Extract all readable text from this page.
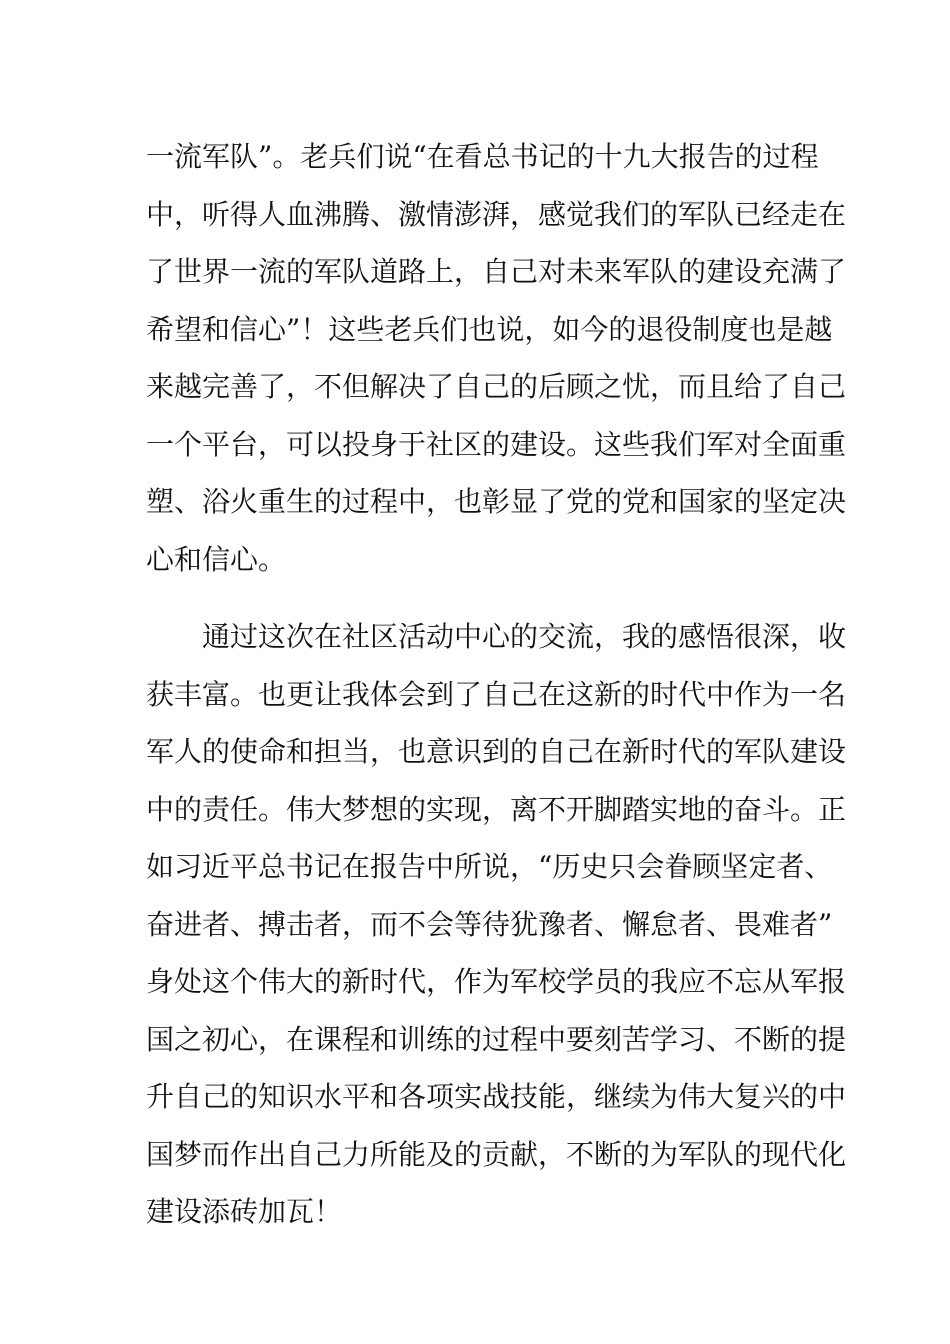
一流军队”。老兵们说“在看总书记的十九大报告的过程
中，听得人血沸腾、激情澎湃，感觉我们的军队已经走在
了世界一流的军队道路上，自己对未来军队的建设充满了
希望和信心”！这些老兵们也说，如今的退役制度也是越
来越完善了，不但解决了自己的后顾之忧，而且给了自己
一个平台，可以投身于社区的建设。这些我们军对全面重
塑、浴火重生的过程中，也彰显了党的党和国家的坚定决
心和信心。
通过这次在社区活动中心的交流，我的感悟很深，收
获丰富。也更让我体会到了自己在这新的时代中作为一名
军人的使命和担当，也意识到的自己在新时代的军队建设
中的责任。伟大梦想的实现，离不开脚踏实地的奋斗。正
如习近平总书记在报告中所说，“历史只会眷顾坚定者、
奋进者、搏击者，而不会等待犹豫者、懈怠者、畏难者”
身处这个伟大的新时代，作为军校学员的我应不忘从军报
国之初心，在课程和训练的过程中要刻苦学习、不断的提
升自己的知识水平和各项实战技能，继续为伟大复兴的中
国梦而作出自己力所能及的贡献，不断的为军队的现代化
建设添砖加瓦！
